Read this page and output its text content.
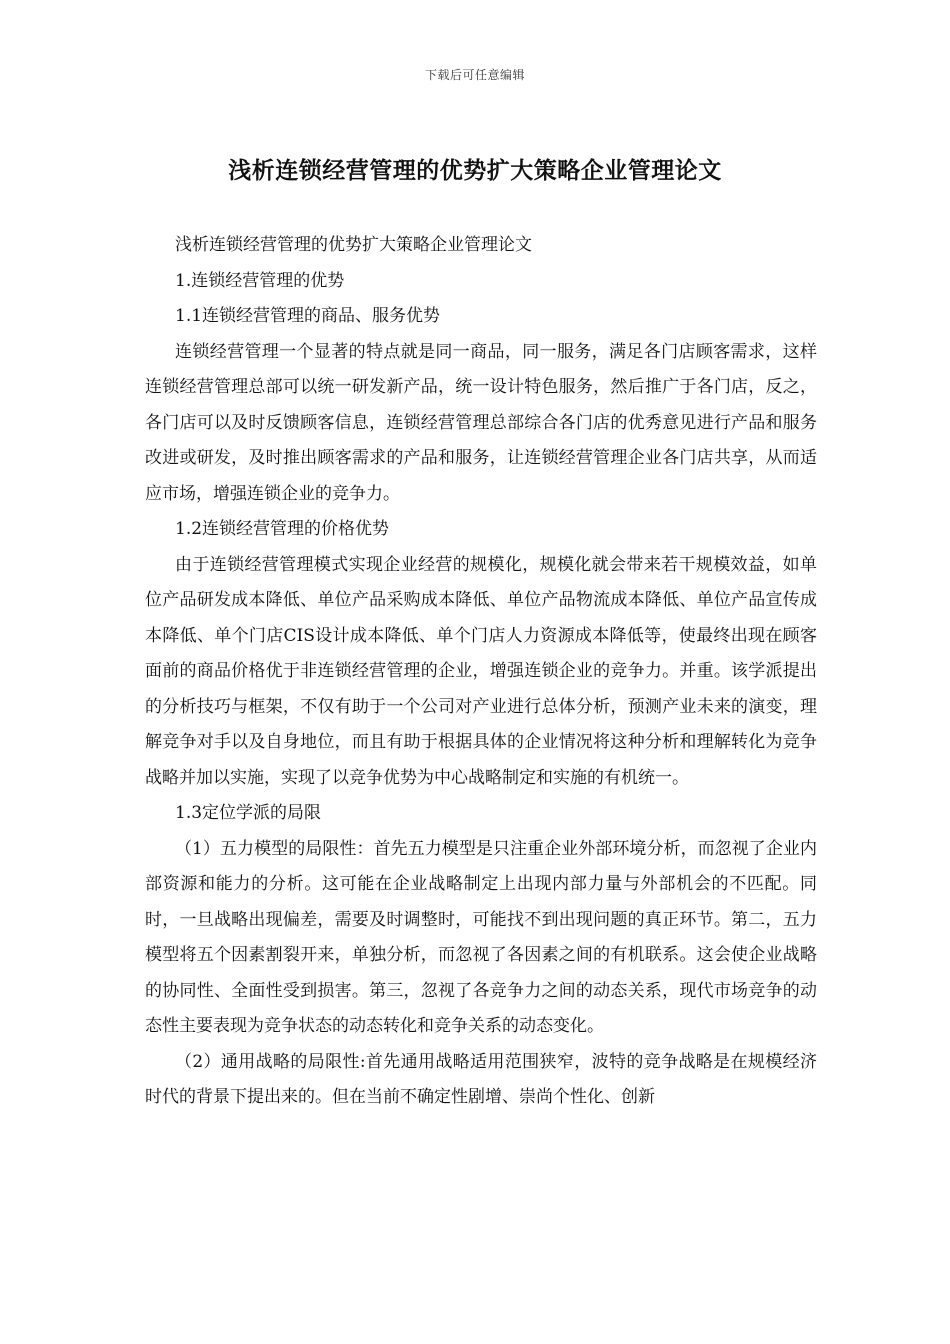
下载后可任意编辑
浅析连锁经营管理的优势扩大策略企业管理论文

浅析连锁经营管理的优势扩大策略企业管理论文

1.连锁经营管理的优势

1.1连锁经营管理的商品、服务优势

连锁经营管理一个显著的特点就是同一商品，同一服务，满足各门店顾客需求，这样连锁经营管理总部可以统一研发新产品，统一设计特色服务，然后推广于各门店，反之，各门店可以及时反馈顾客信息，连锁经营管理总部综合各门店的优秀意见进行产品和服务改进或研发，及时推出顾客需求的产品和服务，让连锁经营管理企业各门店共享，从而适应市场，增强连锁企业的竞争力。

1.2连锁经营管理的价格优势

由于连锁经营管理模式实现企业经营的规模化，规模化就会带来若干规模效益，如单位产品研发成本降低、单位产品采购成本降低、单位产品物流成本降低、单位产品宣传成本降低、单个门店CIS设计成本降低、单个门店人力资源成本降低等，使最终出现在顾客面前的商品价格优于非连锁经营管理的企业，增强连锁企业的竞争力。并重。该学派提出的分析技巧与框架，不仅有助于一个公司对产业进行总体分析，预测产业未来的演变，理解竞争对手以及自身地位，而且有助于根据具体的企业情况将这种分析和理解转化为竞争战略并加以实施，实现了以竞争优势为中心战略制定和实施的有机统一。

1.3定位学派的局限

（1）五力模型的局限性：首先五力模型是只注重企业外部环境分析，而忽视了企业内部资源和能力的分析。这可能在企业战略制定上出现内部力量与外部机会的不匹配。同时，一旦战略出现偏差，需要及时调整时，可能找不到出现问题的真正环节。第二，五力模型将五个因素割裂开来，单独分析，而忽视了各因素之间的有机联系。这会使企业战略的协同性、全面性受到损害。第三，忽视了各竞争力之间的动态关系，现代市场竞争的动态性主要表现为竞争状态的动态转化和竞争关系的动态变化。

（2）通用战略的局限性:首先通用战略适用范围狭窄，波特的竞争战略是在规模经济时代的背景下提出来的。但在当前不确定性剧增、崇尚个性化、创新
